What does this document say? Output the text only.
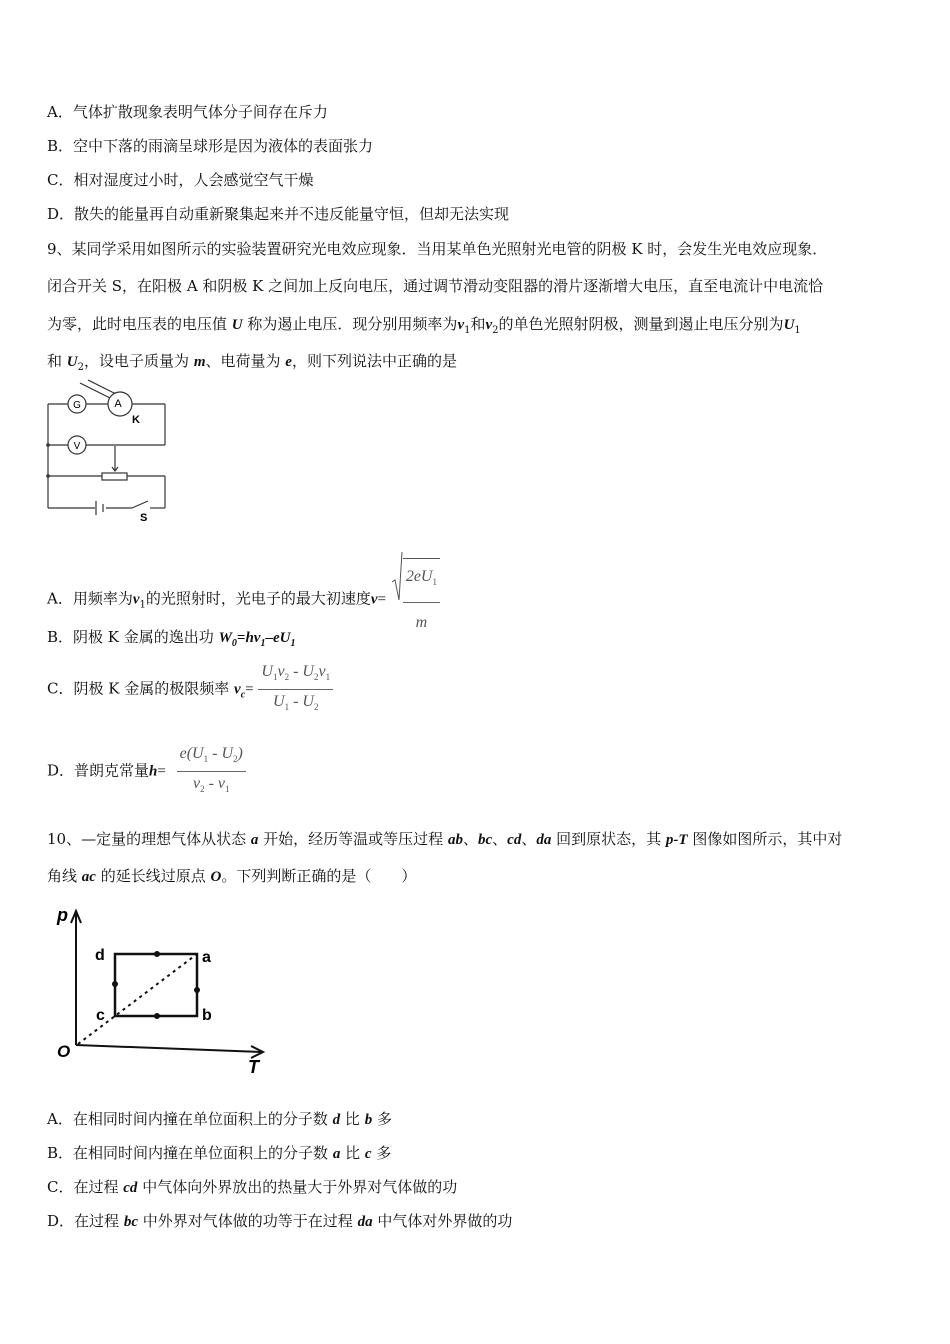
A．气体扩散现象表明气体分子间存在斥力
B．空中下落的雨滴呈球形是因为液体的表面张力
C．相对湿度过小时，人会感觉空气干燥
D．散失的能量再自动重新聚集起来并不违反能量守恒，但却无法实现
9、某同学采用如图所示的实验装置研究光电效应现象．当用某单色光照射光电管的阴极 K 时，会发生光电效应现象．
闭合开关 S，在阳极 A 和阴极 K 之间加上反向电压，通过调节滑动变阻器的滑片逐渐增大电压，直至电流计中电流恰
为零，此时电压表的电压值 U 称为遏止电压．现分别用频率为$\nu_1$和$\nu_2$的单色光照射阴极，测量到遏止电压分别为$U_1$
和 $U_2$，设电子质量为 m、电荷量为 e，则下列说法中正确的是
G	A
K
V
S
A．用频率为$\nu_1$的光照射时，光电子的最大初速度$v= \frac{2eU_1}{m}$
B．阴极 K 金属的逸出功 $W_0=h\nu_1-eU_1$
C．阴极 K 金属的极限频率 $\nu_c= \frac{U_1\nu_2 - U_2\nu_1}{U_1 - U_2}$
D．普朗克常量$h= \frac{e(U_1 - U_2)}{\nu_2 - \nu_1}$
10、—定量的理想气体从状态 a 开始，经历等温或等压过程 ab、bc、cd、da 回到原状态，其 p-T 图像如图所示，其中对
角线 ac 的延长线过原点 O。下列判断正确的是（　　）
p
T
O
d	a
b
c
A．在相同时间内撞在单位面积上的分子数 d 比 b 多
B．在相同时间内撞在单位面积上的分子数 a 比 c 多
C．在过程 cd 中气体向外界放出的热量大于外界对气体做的功
D．在过程 bc 中外界对气体做的功等于在过程 da 中气体对外界做的功
